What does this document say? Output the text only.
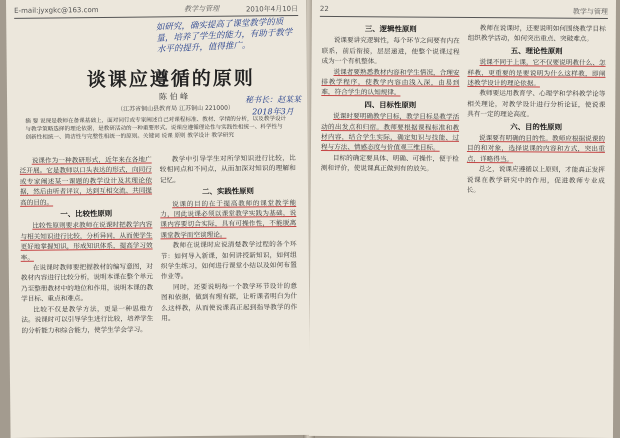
E-mail:jyxgkc@163.com	教学与管理	2010年4月10日
如研究，确实提高了课堂教学的质量，培养了学生的能力，有助于教学水平的提升，值得推广。
谈课应遵循的原则
陈 伯 峰
（江苏省铜山县教育局 江苏铜山 221000）
秘书长：赵某某
2018年3月
摘 要 说课是教师在备课基础上，面对同行或专家阐述自己对课程标准、教材、学情的分析，以及教学设计与教学策略选择的理论依据，是教研活动的一种重要形式。说课应遵循理论性与实践性相统一、科学性与创新性相统一、简洁性与完整性相统一的原则。关键词 说课 原则 教学设计 教学研究

说课作为一种教研形式，近年来在各地广泛开展。它是教师以口头表达的形式，向同行或专家阐述某一课题的教学设计及其理论依据，然后由听者评议，达到互相交流、共同提高的目的。

一、比较性原则

比较性原则要求教师在说课时把教学内容与相关知识进行比较，分析异同，从而使学生更好地掌握知识，形成知识体系，提高学习效率。

在说课时教师要把握教材的编写意图，对教材内容进行比较分析，说明本课在整个单元乃至整册教材中的地位和作用，说明本课的教学目标、重点和难点。

比较不仅是教学方法，更是一种思维方法。说课时可以引导学生进行比较，培养学生的分析能力和综合能力，使学生学会学习。

教学中引导学生对所学知识进行比较，比较相同点和不同点，从而加深对知识的理解和记忆。

二、实践性原则

说课的目的在于提高教师的课堂教学能力，因此说课必须以课堂教学实践为基础，说课内容要切合实际，具有可操作性，不能脱离课堂教学而空谈理论。

教师在说课时应说清楚教学过程的各个环节：如何导入新课，如何讲授新知识，如何组织学生练习，如何进行课堂小结以及如何布置作业等。

同时，还要说明每一个教学环节设计的意图和依据，做到有理有据，让听课者明白为什么这样教，从而使说课真正起到指导教学的作用。

22	教学与管理
三、逻辑性原则

说课要讲究逻辑性，每个环节之间要有内在联系，前后衔接，层层递进，使整个说课过程成为一个有机整体。

说课者要熟悉教材内容和学生情况，合理安排教学程序，使教学内容由浅入深，由易到难，符合学生的认知规律。

四、目标性原则

说课时要明确教学目标，教学目标是教学活动的出发点和归宿。教师要根据课程标准和教材内容，结合学生实际，确定知识与技能、过程与方法、情感态度与价值观三维目标。

目标的确定要具体、明确、可操作，便于检测和评价，使说课真正做到有的放矢。

教师在说课时，还要说明如何围绕教学目标组织教学活动，如何突出重点、突破难点。

五、理论性原则

说课不同于上课，它不仅要说明教什么、怎样教，更重要的是要说明为什么这样教，即阐述教学设计的理论依据。

教师要运用教育学、心理学和学科教学论等相关理论，对教学设计进行分析论证，使说课具有一定的理论高度。

六、目的性原则

说课要有明确的目的性。教师应根据说课的目的和对象，选择说课的内容和方式，突出重点，详略得当。

总之，说课应遵循以上原则，才能真正发挥说课在教学研究中的作用，促进教师专业成长。
